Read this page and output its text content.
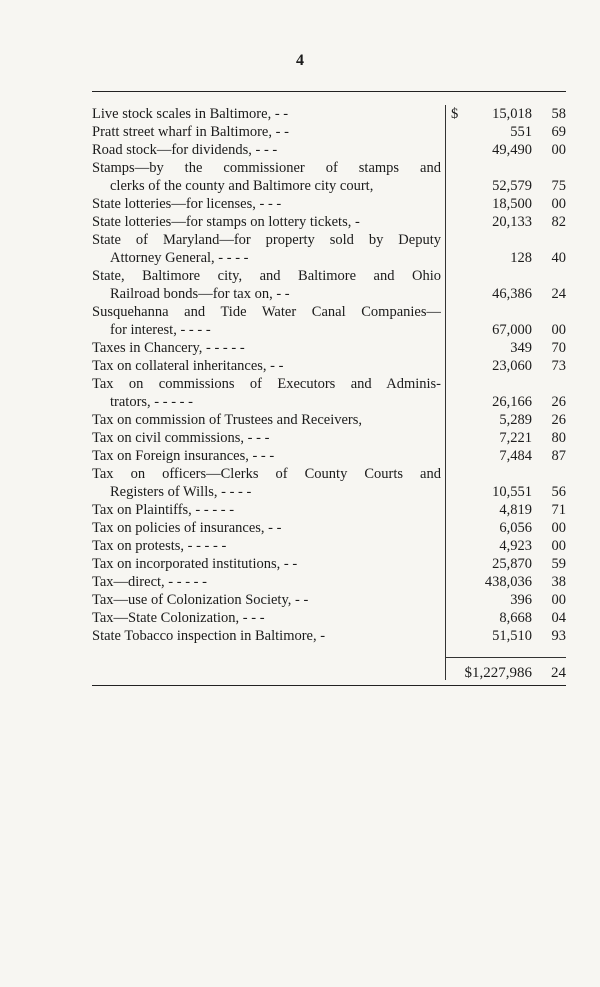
4
Live stock scales in Baltimore, - -	$ 15,018	58
Pratt street wharf in Baltimore, - -	551	69
Road stock—for dividends, - - -	49,490	00
Stamps—by the commissioner of stamps and
clerks of the county and Baltimore city court,	52,579	75
State lotteries—for licenses, - - -	18,500	00
State lotteries—for stamps on lottery tickets, -	20,133	82
State of Maryland—for property sold by Deputy
Attorney General, - - - -	128	40
State, Baltimore city, and Baltimore and Ohio
Railroad bonds—for tax on, - -	46,386	24
Susquehanna and Tide Water Canal Companies—
for interest, - - - -	67,000	00
Taxes in Chancery, - - - - -	349	70
Tax on collateral inheritances, - -	23,060	73
Tax on commissions of Executors and Adminis-
trators, - - - - -	26,166	26
Tax on commission of Trustees and Receivers,	5,289	26
Tax on civil commissions, - - -	7,221	80
Tax on Foreign insurances, - - -	7,484	87
Tax on officers—Clerks of County Courts and
Registers of Wills, - - - -	10,551	56
Tax on Plaintiffs, - - - - -	4,819	71
Tax on policies of insurances, - -	6,056	00
Tax on protests, - - - - -	4,923	00
Tax on incorporated institutions, - -	25,870	59
Tax—direct, - - - - -	438,036	38
Tax—use of Colonization Society, - -	396	00
Tax—State Colonization, - - -	8,668	04
State Tobacco inspection in Baltimore, -	51,510	93
$1,227,986	24
